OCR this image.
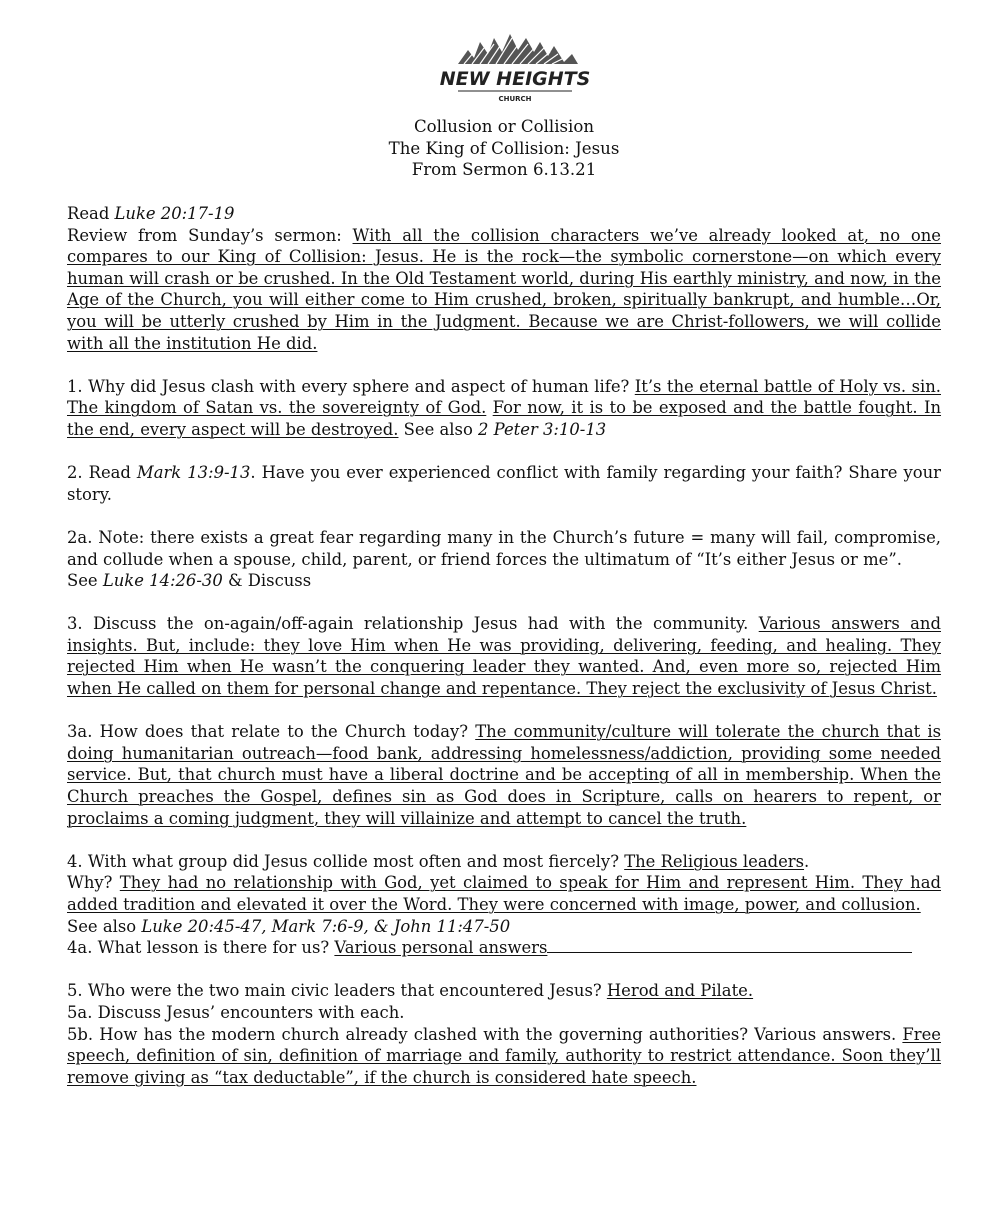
NEW HEIGHTS
CHURCH
Collusion or Collision
The King of Collision: Jesus
From Sermon 6.13.21

Read Luke 20:17-19
Review from Sunday’s sermon: With all the collision characters we’ve already looked at, no one compares to our King of Collision: Jesus. He is the rock—the symbolic cornerstone—on which every human will crash or be crushed. In the Old Testament world, during His earthly ministry, and now, in the Age of the Church, you will either come to Him crushed, broken, spiritually bankrupt, and humble…Or, you will be utterly crushed by Him in the Judgment. Because we are Christ-followers, we will collide with all the institution He did.

1. Why did Jesus clash with every sphere and aspect of human life? It’s the eternal battle of Holy vs. sin. The kingdom of Satan vs. the sovereignty of God. For now, it is to be exposed and the battle fought. In the end, every aspect will be destroyed. See also 2 Peter 3:10-13

2. Read Mark 13:9-13. Have you ever experienced conflict with family regarding your faith? Share your story.

2a. Note: there exists a great fear regarding many in the Church’s future = many will fail, compromise, and collude when a spouse, child, parent, or friend forces the ultimatum of “It’s either Jesus or me”.
See Luke 14:26-30 & Discuss

3. Discuss the on-again/off-again relationship Jesus had with the community. Various answers and insights. But, include: they love Him when He was providing, delivering, feeding, and healing. They rejected Him when He wasn’t the conquering leader they wanted. And, even more so, rejected Him when He called on them for personal change and repentance. They reject the exclusivity of Jesus Christ.

3a. How does that relate to the Church today? The community/culture will tolerate the church that is doing humanitarian outreach—food bank, addressing homelessness/addiction, providing some needed service. But, that church must have a liberal doctrine and be accepting of all in membership. When the Church preaches the Gospel, defines sin as God does in Scripture, calls on hearers to repent, or proclaims a coming judgment, they will villainize and attempt to cancel the truth.

4. With what group did Jesus collide most often and most fiercely? The Religious leaders.
Why? They had no relationship with God, yet claimed to speak for Him and represent Him. They had added tradition and elevated it over the Word. They were concerned with image, power, and collusion.
See also Luke 20:45-47, Mark 7:6-9, & John 11:47-50
4a. What lesson is there for us? Various personal answers

5. Who were the two main civic leaders that encountered Jesus? Herod and Pilate.
5a. Discuss Jesus’ encounters with each.
5b. How has the modern church already clashed with the governing authorities? Various answers. Free speech, definition of sin, definition of marriage and family, authority to restrict attendance. Soon they’ll remove giving as “tax deductable”, if the church is considered hate speech.
